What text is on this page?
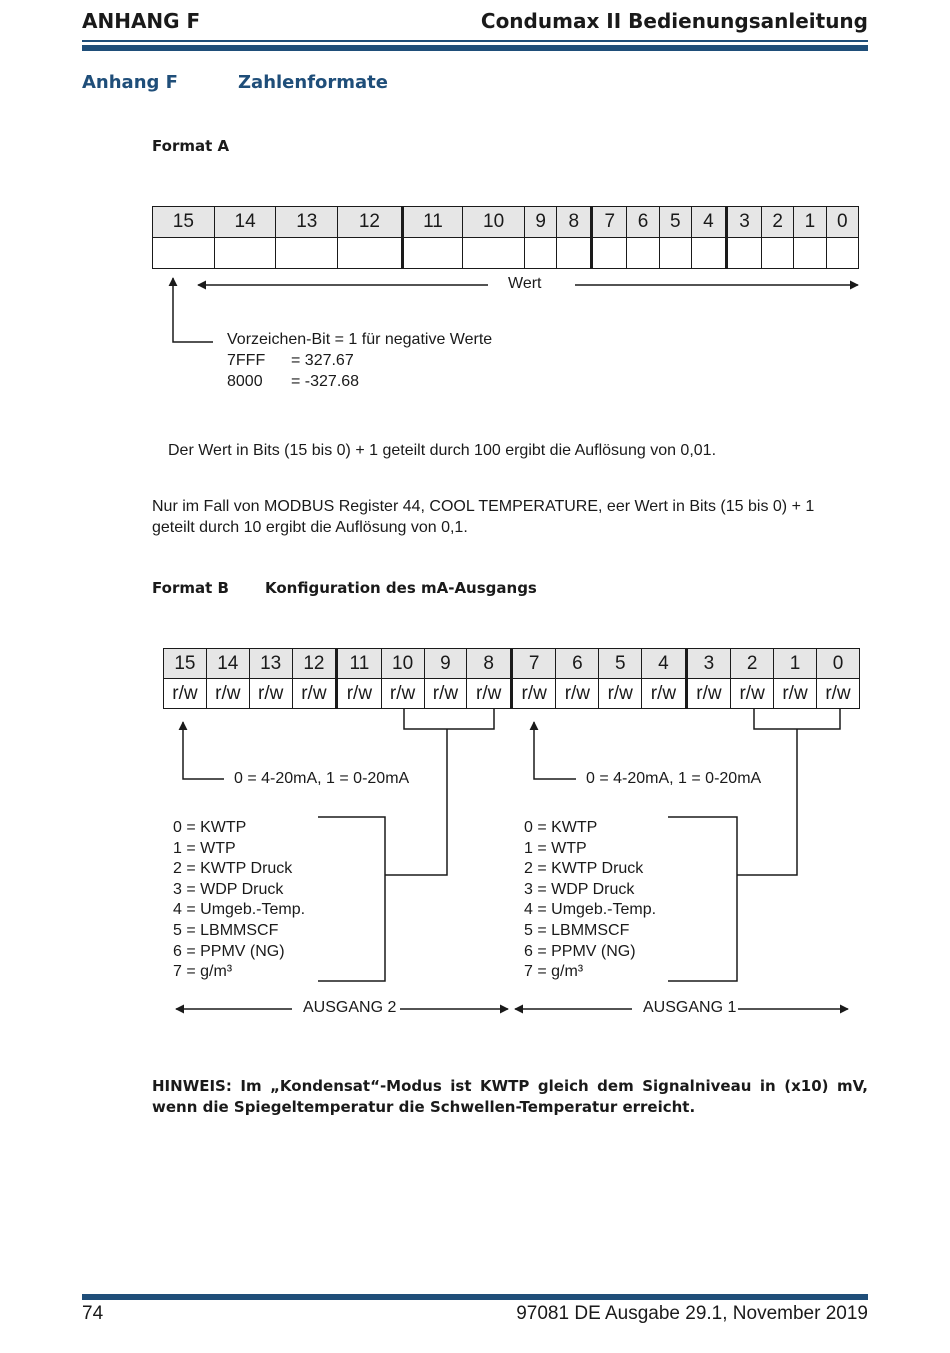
ANHANG F	Condumax II Bedienungsanleitung
Anhang F	Zahlenformate
Format A
15	14	13	12	11	10	9	8	7	6	5	4	3	2	1	0

Wert
Vorzeichen-Bit = 1 für negative Werte
7FFF = 327.67
8000 = -327.68
Der Wert in Bits (15 bis 0) + 1 geteilt durch 100 ergibt die Auflösung von 0,01.
Nur im Fall von MODBUS Register 44, COOL TEMPERATURE, eer Wert in Bits (15 bis 0) + 1
geteilt durch 10 ergibt die Auflösung von 0,1.
Format B Konfiguration des mA-Ausgangs
15	14	13	12	11	10	9	8	7	6	5	4	3	2	1	0
r/w	r/w	r/w	r/w	r/w	r/w	r/w	r/w	r/w	r/w	r/w	r/w	r/w	r/w	r/w	r/w
0 = 4-20mA, 1 = 0-20mA	0 = 4-20mA, 1 = 0-20mA
0 = KWTP
1 = WTP
2 = KWTP Druck
3 = WDP Druck
4 = Umgeb.-Temp.
5 = LBMMSCF
6 = PPMV (NG)
7 = g/m³
0 = KWTP
1 = WTP
2 = KWTP Druck
3 = WDP Druck
4 = Umgeb.-Temp.
5 = LBMMSCF
6 = PPMV (NG)
7 = g/m³
AUSGANG 2	AUSGANG 1
HINWEIS: Im „Kondensat“-Modus ist KWTP gleich dem Signalniveau in (x10) mV, wenn die Spiegeltemperatur die Schwellen-Temperatur erreicht.
74	97081 DE Ausgabe 29.1, November 2019
